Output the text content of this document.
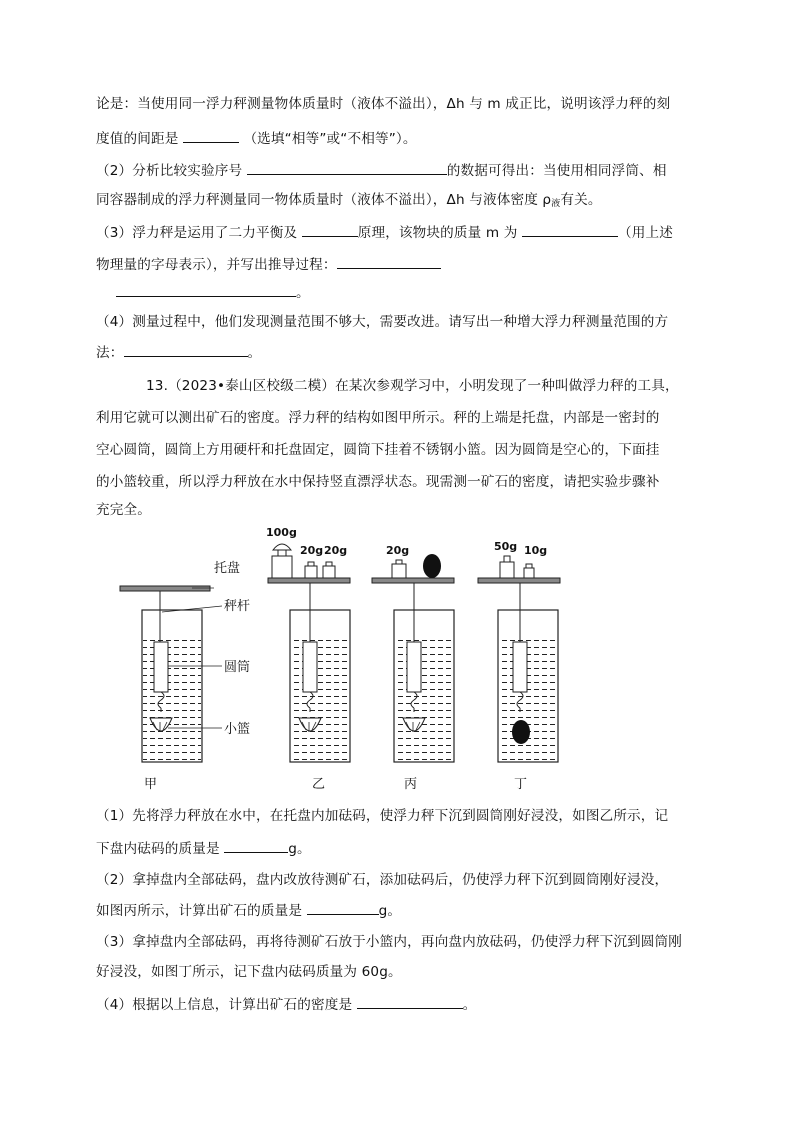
论是：当使用同一浮力秤测量物体质量时（液体不溢出），Δh 与 m 成正比，说明该浮力秤的刻
度值的间距是	（选填“相等”或“不相等”）。
（2）分析比较实验序号	的数据可得出：当使用相同浮筒、相
同容器制成的浮力秤测量同一物体质量时（液体不溢出），Δh 与液体密度 $\rho_液$有关。
（3）浮力秤是运用了二力平衡及	原理，该物块的质量 m 为	（用上述
物理量的字母表示），并写出推导过程：
。
（4）测量过程中，他们发现测量范围不够大，需要改进。请写出一种增大浮力秤测量范围的方
法：	。
13.（2023•泰山区校级二模）在某次参观学习中，小明发现了一种叫做浮力秤的工具，
利用它就可以测出矿石的密度。浮力秤的结构如图甲所示。秤的上端是托盘，内部是一密封的
空心圆筒，圆筒上方用硬杆和托盘固定，圆筒下挂着不锈钢小篮。因为圆筒是空心的，下面挂
的小篮较重，所以浮力秤放在水中保持竖直漂浮状态。现需测一矿石的密度，请把实验步骤补
充完全。
托盘
秤杆
圆筒
小篮
甲
100g
20g 20g
乙
20g
丙
50g 10g
丁
（1）先将浮力秤放在水中，在托盘内加砝码，使浮力秤下沉到圆筒刚好浸没，如图乙所示，记
下盘内砝码的质量是	g。
（2）拿掉盘内全部砝码，盘内改放待测矿石，添加砝码后，仍使浮力秤下沉到圆筒刚好浸没，
如图丙所示，计算出矿石的质量是	g。
（3）拿掉盘内全部砝码，再将待测矿石放于小篮内，再向盘内放砝码，仍使浮力秤下沉到圆筒刚
好浸没，如图丁所示，记下盘内砝码质量为 60g。
（4）根据以上信息，计算出矿石的密度是	。
